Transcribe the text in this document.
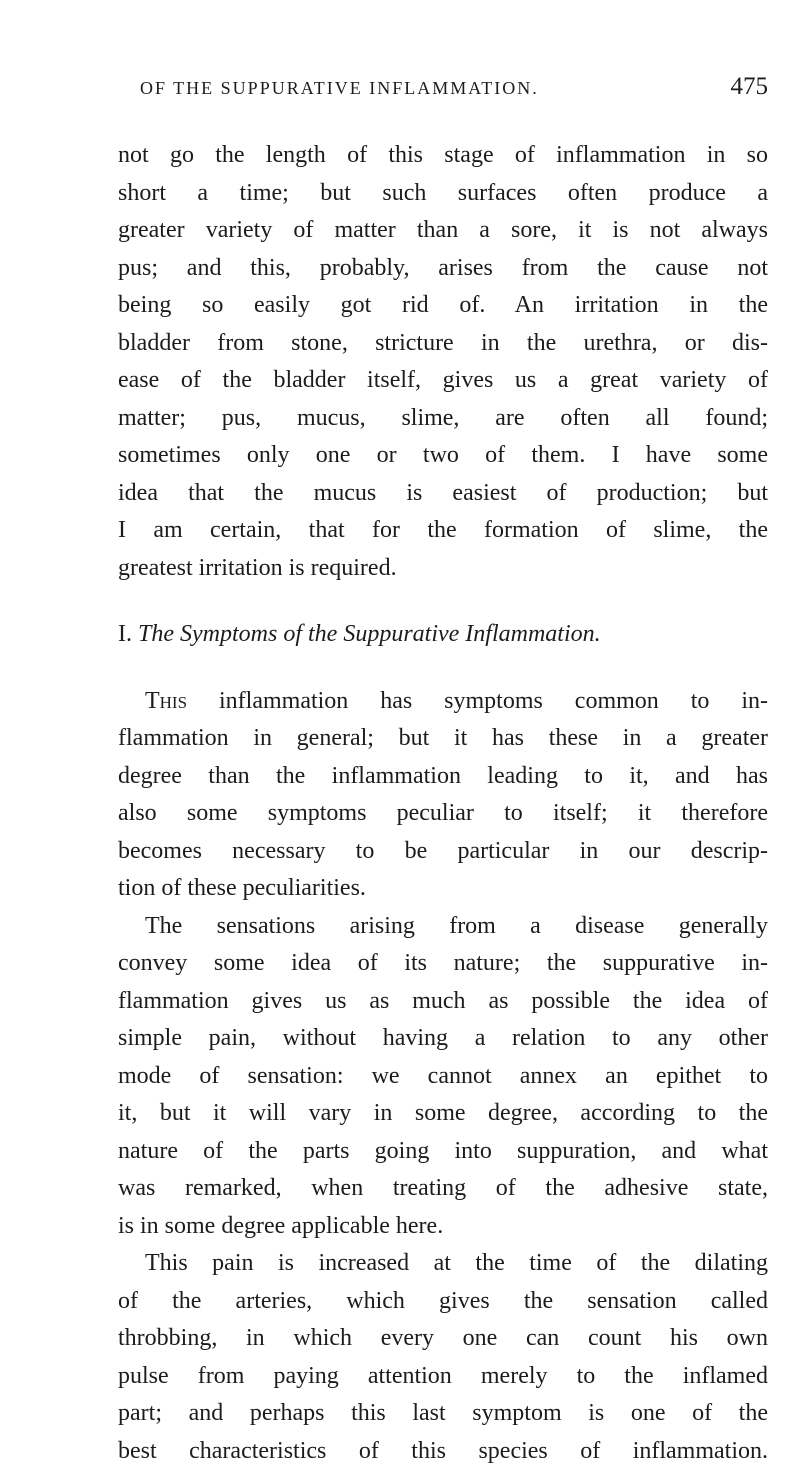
OF THE SUPPURATIVE INFLAMMATION.	475
not go the length of this stage of inflammation in so
short a time; but such surfaces often produce a
greater variety of matter than a sore, it is not always
pus; and this, probably, arises from the cause not
being so easily got rid of. An irritation in the
bladder from stone, stricture in the urethra, or dis-
ease of the bladder itself, gives us a great variety of
matter; pus, mucus, slime, are often all found;
sometimes only one or two of them. I have some
idea that the mucus is easiest of production; but
I am certain, that for the formation of slime, the
greatest irritation is required.
I. The Symptoms of the Suppurative Inflammation.
This inflammation has symptoms common to in-
flammation in general; but it has these in a greater
degree than the inflammation leading to it, and has
also some symptoms peculiar to itself; it therefore
becomes necessary to be particular in our descrip-
tion of these peculiarities.
The sensations arising from a disease generally
convey some idea of its nature; the suppurative in-
flammation gives us as much as possible the idea of
simple pain, without having a relation to any other
mode of sensation: we cannot annex an epithet to
it, but it will vary in some degree, according to the
nature of the parts going into suppuration, and what
was remarked, when treating of the adhesive state,
is in some degree applicable here.
This pain is increased at the time of the dilating
of the arteries, which gives the sensation called
throbbing, in which every one can count his own
pulse from paying attention merely to the inflamed
part; and perhaps this last symptom is one of the
best characteristics of this species of inflammation.
